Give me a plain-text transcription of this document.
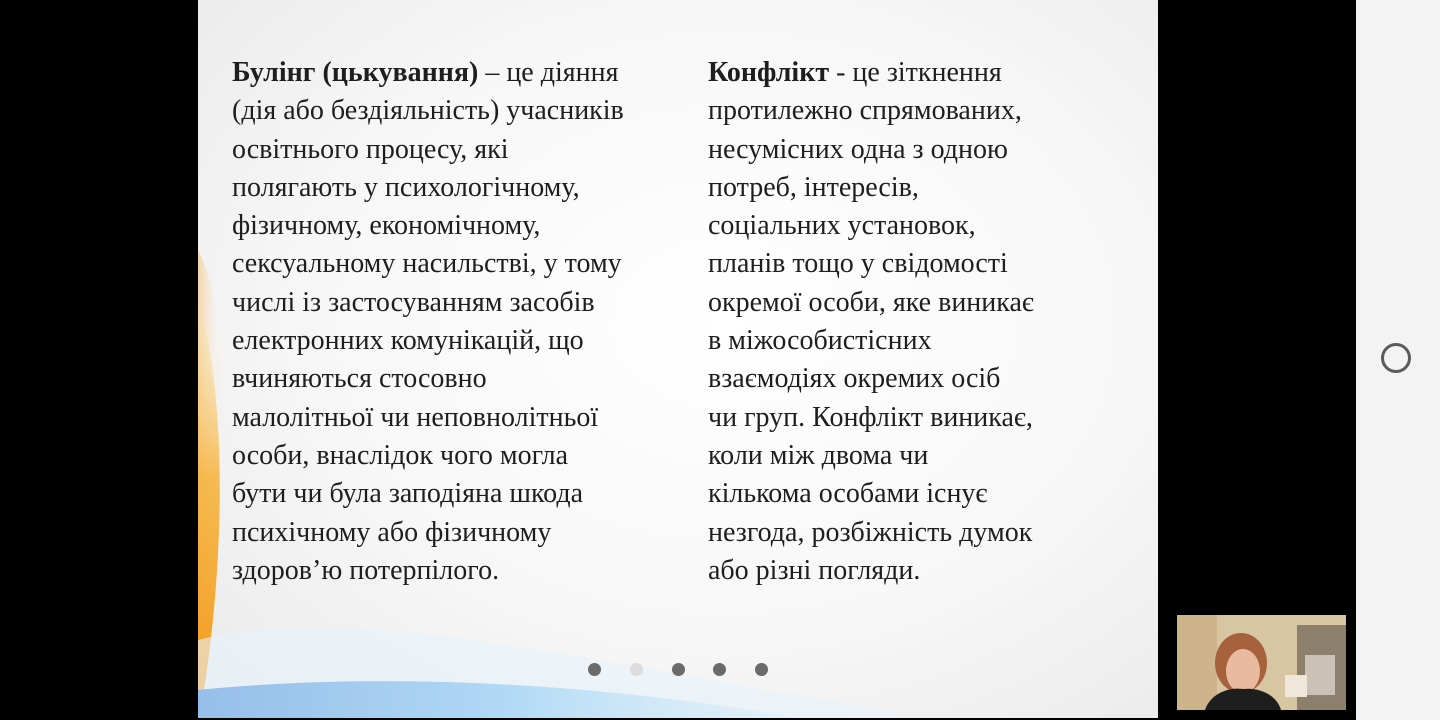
Булінг (цькування) – це діяння
(дія або бездіяльність) учасників
освітнього процесу, які
полягають у психологічному,
фізичному, економічному,
сексуальному насильстві, у тому
числі із застосуванням засобів
електронних комунікацій, що
вчиняються стосовно
малолітньої чи неповнолітньої
особи, внаслідок чого могла
бути чи була заподіяна шкода
психічному або фізичному
здоров’ю потерпілого.
Конфлікт - це зіткнення
протилежно спрямованих,
несумісних одна з одною
потреб, інтересів,
соціальних установок,
планів тощо у свідомості
окремої особи, яке виникає
в міжособистісних
взаємодіях окремих осіб
чи груп. Конфлікт виникає,
коли між двома чи
кількома особами існує
незгода, розбіжність думок
або різні погляди.
